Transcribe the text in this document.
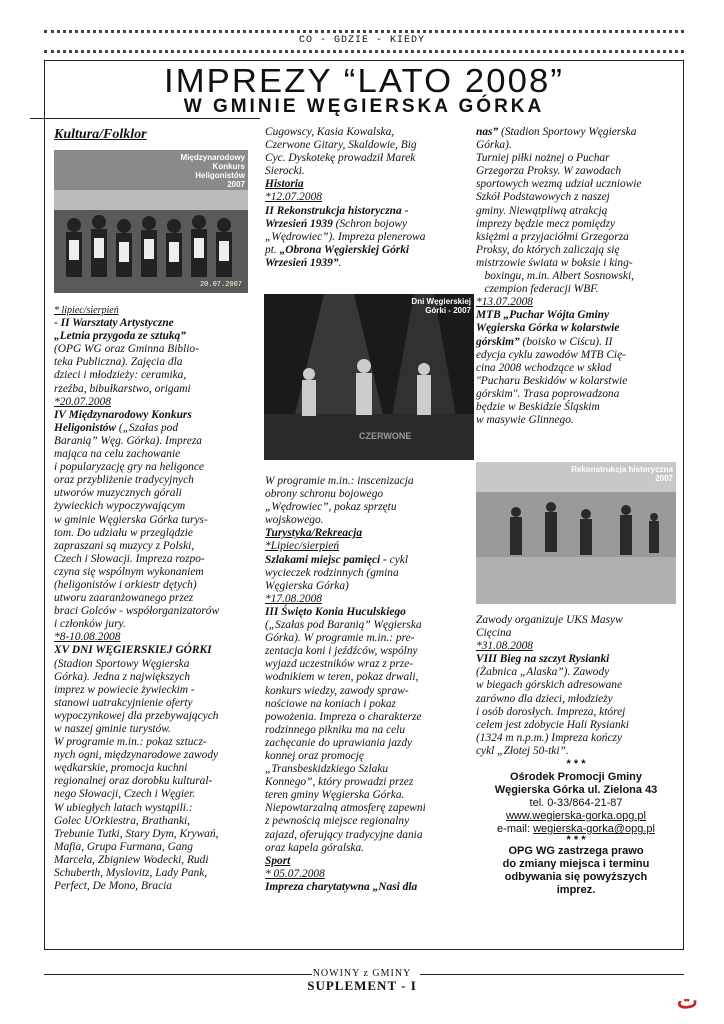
CO - GDZIE - KIEDY
IMPREZY “LATO 2008”
W GMINIE WĘGIERSKA GÓRKA

Kultura/Folklor

Międzynarodowy
Konkurs
Heligonistów
2007
20.07.2007

* lipiec/sierpień

- II Warsztaty Artystyczne

„Letnia przygoda ze sztuką”

(OPG WG oraz Gminna Biblio-

teka Publiczna). Zajęcia dla

dzieci i młodzieży: ceramika,

rzeźba, bibułkarstwo, origami

*20.07.2008

IV Międzynarodowy Konkurs

Heligonistów („Szałas pod

Baranią” Węg. Górka). Impreza

mająca na celu zachowanie

i popularyzację gry na heligonce

oraz przybliżenie tradycyjnych

utworów muzycznych górali

żywieckich wypoczywającym

w gminie Węgierska Górka turys-

tom. Do udziału w przeglądzie

zapraszani są muzycy z Polski,

Czech i Słowacji. Impreza rozpo-

czyna się wspólnym wykonaniem

(heligonistów i orkiestr dętych)

utworu zaaranżowanego przez

braci Golców - współorganizatorów

i członków jury.

*8-10.08.2008

XV DNI WĘGIERSKIEJ GÓRKI

(Stadion Sportowy Węgierska

Górka). Jedna z największych

imprez w powiecie żywieckim -

stanowi uatrakcyjnienie oferty

wypoczynkowej dla przebywających

w naszej gminie turystów.

W programie m.in.: pokaz sztucz-

nych ogni, międzynarodowe zawody

wędkarskie, promocja kuchni

regionalnej oraz dorobku kultural-

nego Słowacji, Czech i Węgier.

W ubiegłych latach wystąpili.:

Golec UOrkiestra, Brathanki,

Trebunie Tutki, Stary Dym, Krywań,

Mafia, Grupa Furmana, Gang

Marcela, Zbigniew Wodecki, Rudi

Schuberth, Myslovitz, Lady Pank,

Perfect, De Mono, Bracia

Cugowscy, Kasia Kowalska,

Czerwone Gitary, Skaldowie, Big

Cyc. Dyskotekę prowadził Marek

Sierocki.

Historia

*12.07.2008

II Rekonstrukcja historyczna -

Wrzesień 1939 (Schron bojowy

„Wędrowiec”). Impreza plenerowa

pt. „Obrona Węgierskiej Górki

Wrzesień 1939”.

CZERWONE
Dni Węgierskiej
Górki - 2007

W programie m.in.: inscenizacja

obrony schronu bojowego

„Wędrowiec”, pokaz sprzętu

wojskowego.

Turystyka/Rekreacja

*Lipiec/sierpień

Szlakami miejsc pamięci - cykl

wycieczek rodzinnych (gmina

Węgierska Górka)

*17.08.2008

III Święto Konia Huculskiego

(„Szałas pod Baranią” Węgierska

Górka). W programie m.in.: pre-

zentacja koni i jeźdźców, wspólny

wyjazd uczestników wraz z prze-

wodnikiem w teren, pokaz drwali,

konkurs wiedzy, zawody spraw-

nościowe na koniach i pokaz

powożenia. Impreza o charakterze

rodzinnego pikniku ma na celu

zachęcanie do uprawiania jazdy

konnej oraz promocję

„Transbeskidzkiego Szlaku

Konnego”, który prowadzi przez

teren gminy Węgierska Górka.

Niepowtarzalną atmosferę zapewni

z pewnością miejsce regionalny

zajazd, oferujący tradycyjne dania

oraz kapela góralska.

Sport

* 05.07.2008

Impreza charytatywna „Nasi dla

nas” (Stadion Sportowy Węgierska

Górka).

Turniej piłki nożnej o Puchar

Grzegorza Proksy. W zawodach

sportowych wezmą udział uczniowie

Szkół Podstawowych z naszej

gminy. Niewątpliwą atrakcją

imprezy będzie mecz pomiędzy

księżmi a przyjaciółmi Grzegorza

Proksy, do których zaliczają się

mistrzowie świata w boksie i king-

boxingu, m.in. Albert Sosnowski,

czempion federacji WBF.

*13.07.2008

MTB „Puchar Wójta Gminy

Węgierska Górka w kolarstwie

górskim” (boisko w Ciścu). II

edycja cyklu zawodów MTB Cię-

cina 2008 wchodzące w skład

"Pucharu Beskidów w kolarstwie

górskim". Trasa poprowadzona

będzie w Beskidzie Śląskim

w masywie Glinnego.

Rekonstrukcja historyczna
2007

Zawody organizuje UKS Masyw

Cięcina

*31.08.2008

VIII Bieg na szczyt Rysianki

(Żabnica „Alaska”). Zawody

w biegach górskich adresowane

zarówno dla dzieci, młodzieży

i osób dorosłych. Impreza, której

celem jest zdobycie Hali Rysianki

(1324 m n.p.m.) Impreza kończy

cykl „Złotej 50-tki”.

* * *

Ośrodek Promocji Gminy

Węgierska Górka ul. Zielona 43

tel. 0-33/864-21-87

www.wegierska-gorka.opg.pl

e-mail: wegierska-gorka@opg.pl

* * *

OPG WG zastrzega prawo

do zmiany miejsca i terminu

odbywania się powyższych

imprez.

NOWINY z GMINY
SUPLEMENT - I
ت
